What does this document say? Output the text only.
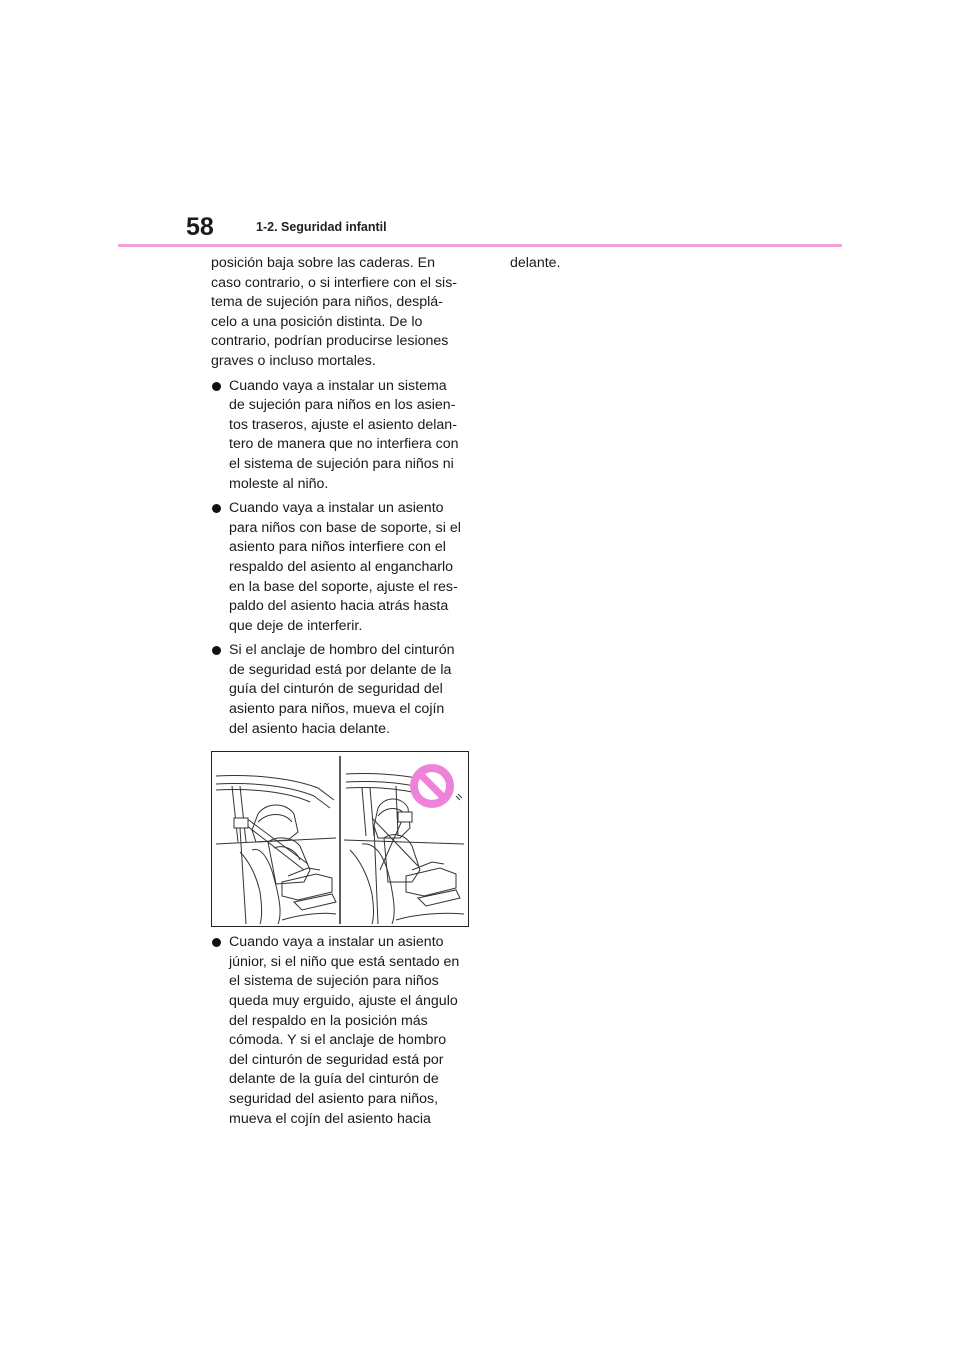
58	1-2. Seguridad infantil

posición baja sobre las caderas. En
caso contrario, o si interfiere con el sis-
tema de sujeción para niños, desplá-
celo a una posición distinta. De lo
contrario, podrían producirse lesiones
graves o incluso mortales.

Cuando vaya a instalar un sistema
de sujeción para niños en los asien-
tos traseros, ajuste el asiento delan-
tero de manera que no interfiera con
el sistema de sujeción para niños ni
moleste al niño.
Cuando vaya a instalar un asiento
para niños con base de soporte, si el
asiento para niños interfiere con el
respaldo del asiento al engancharlo
en la base del soporte, ajuste el res-
paldo del asiento hacia atrás hasta
que deje de interferir.
Si el anclaje de hombro del cinturón
de seguridad está por delante de la
guía del cinturón de seguridad del
asiento para niños, mueva el cojín
del asiento hacia delante.
Cuando vaya a instalar un asiento
júnior, si el niño que está sentado en
el sistema de sujeción para niños
queda muy erguido, ajuste el ángulo
del respaldo en la posición más
cómoda. Y si el anclaje de hombro
del cinturón de seguridad está por
delante de la guía del cinturón de
seguridad del asiento para niños,
mueva el cojín del asiento hacia

delante.
